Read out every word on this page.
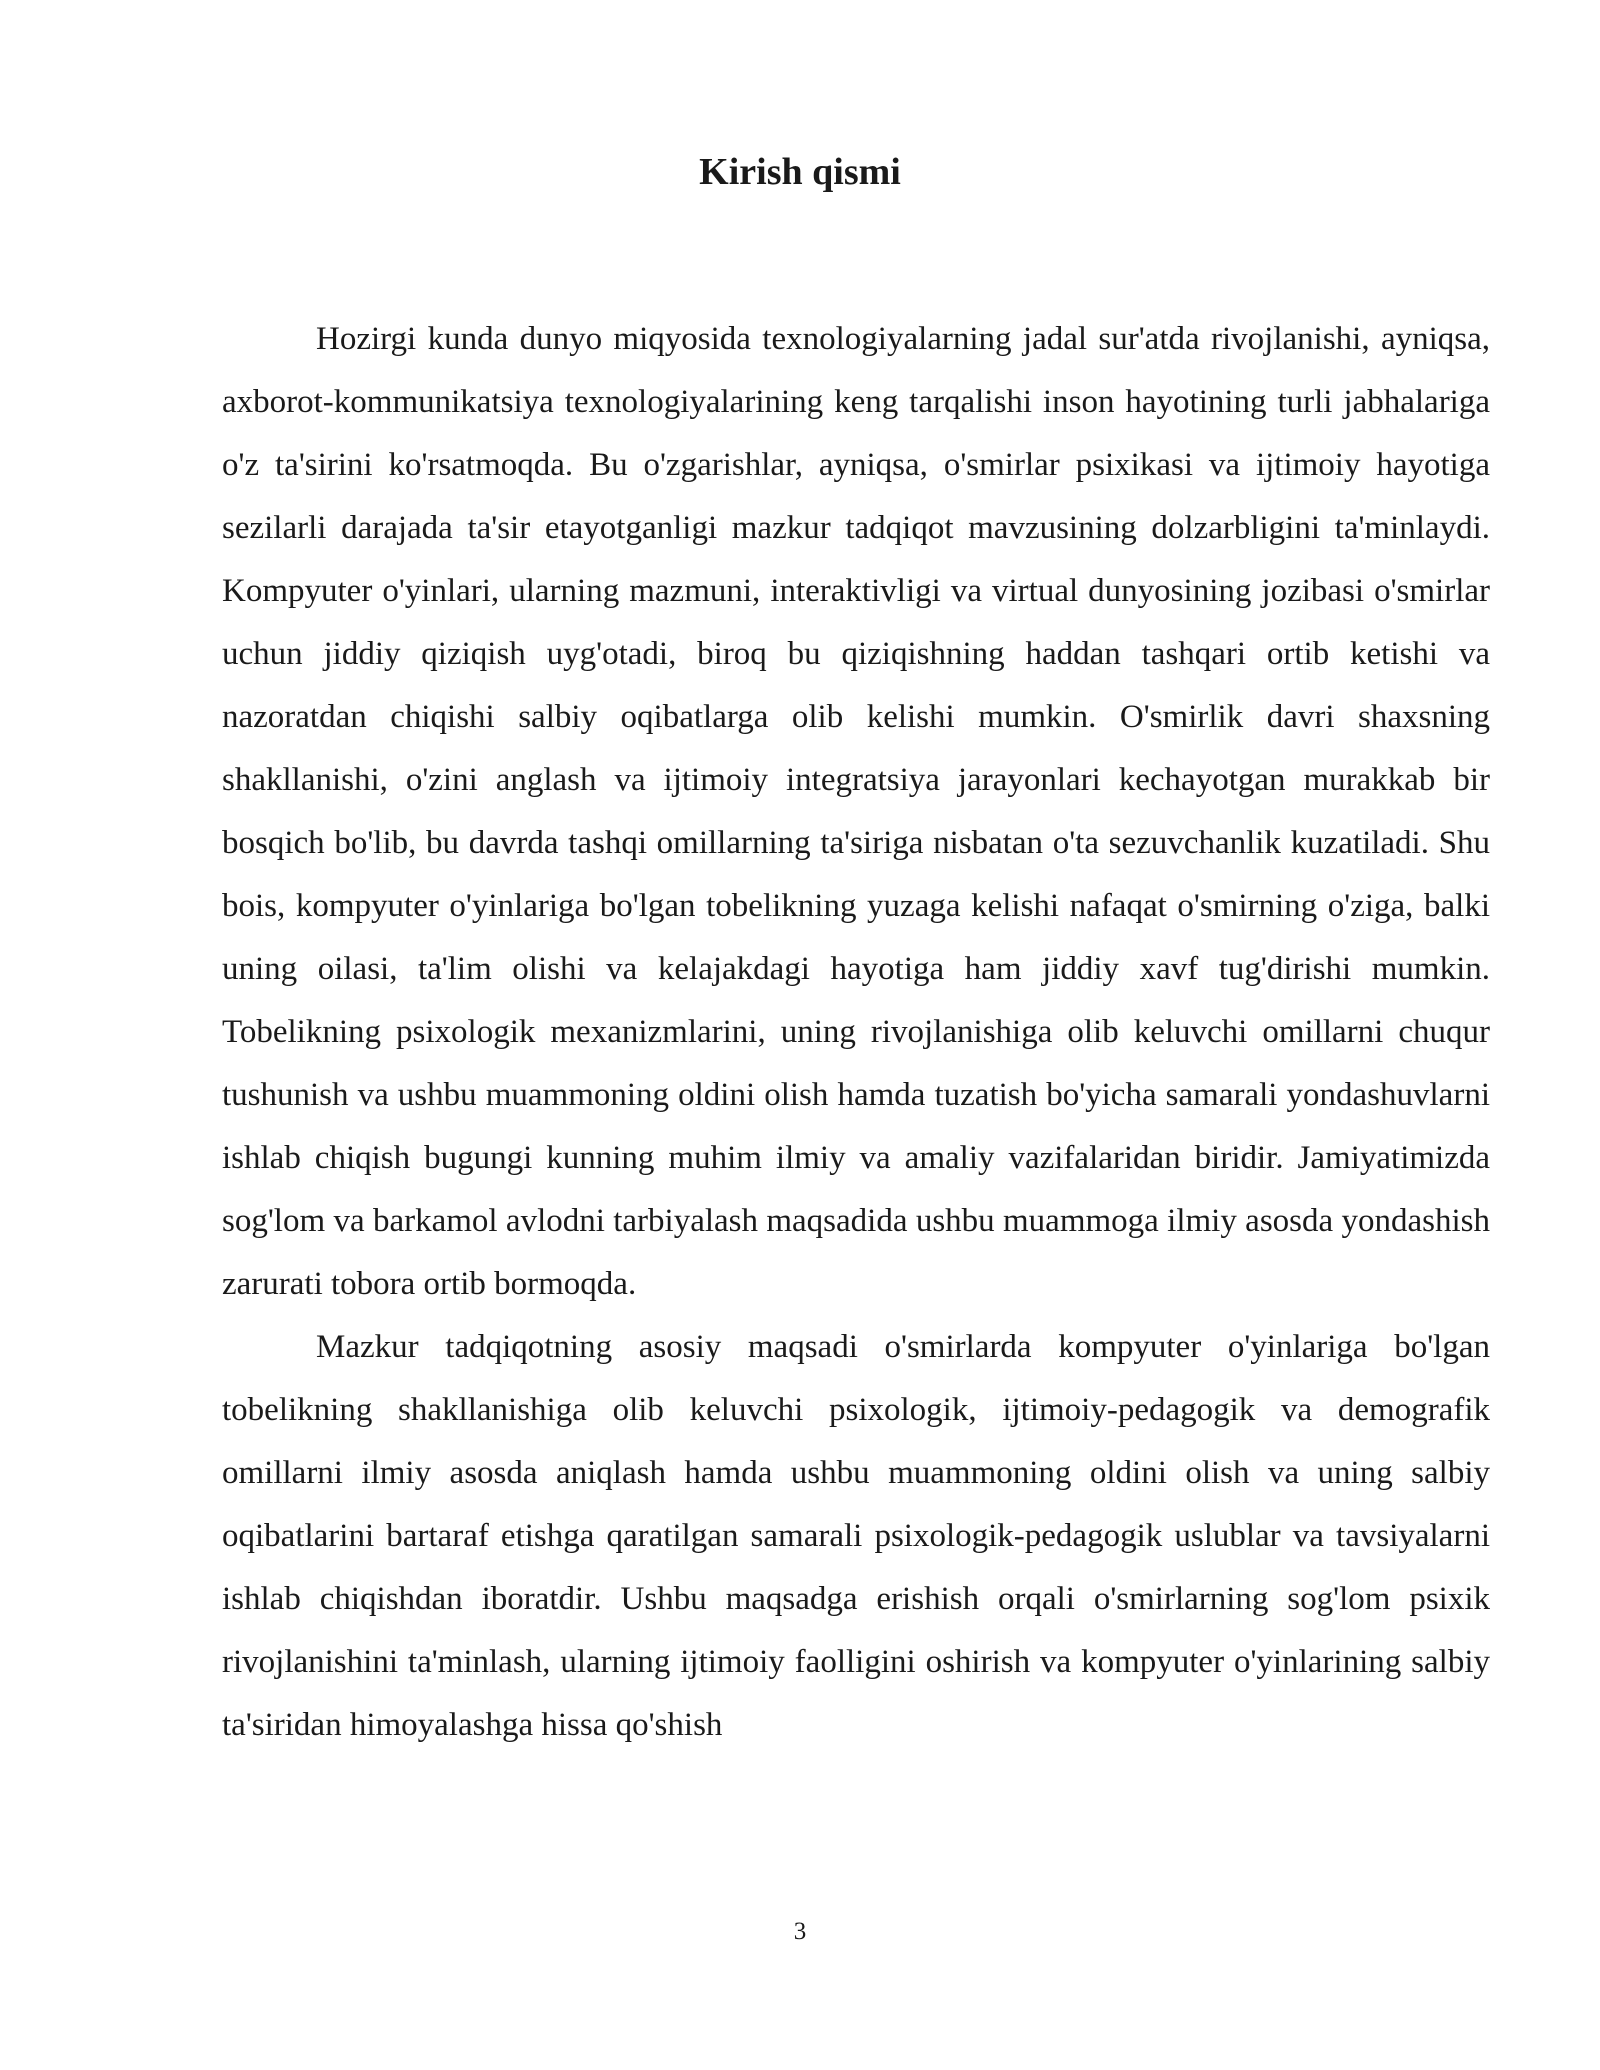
Kirish qismi

Hozirgi kunda dunyo miqyosida texnologiyalarning jadal sur'atda rivojlanishi, ayniqsa, axborot-kommunikatsiya texnologiyalarining keng tarqalishi inson hayotining turli jabhalariga o'z ta'sirini ko'rsatmoqda. Bu o'zgarishlar, ayniqsa, o'smirlar psixikasi va ijtimoiy hayotiga sezilarli darajada ta'sir etayotganligi mazkur tadqiqot mavzusining dolzarbligini ta'minlaydi. Kompyuter o'yinlari, ularning mazmuni, interaktivligi va virtual dunyosining jozibasi o'smirlar uchun jiddiy qiziqish uyg'otadi, biroq bu qiziqishning haddan tashqari ortib ketishi va nazoratdan chiqishi salbiy oqibatlarga olib kelishi mumkin. O'smirlik davri shaxsning shakllanishi, o'zini anglash va ijtimoiy integratsiya jarayonlari kechayotgan murakkab bir bosqich bo'lib, bu davrda tashqi omillarning ta'siriga nisbatan o'ta sezuvchanlik kuzatiladi. Shu bois, kompyuter o'yinlariga bo'lgan tobelikning yuzaga kelishi nafaqat o'smirning o'ziga, balki uning oilasi, ta'lim olishi va kelajakdagi hayotiga ham jiddiy xavf tug'dirishi mumkin. Tobelikning psixologik mexanizmlarini, uning rivojlanishiga olib keluvchi omillarni chuqur tushunish va ushbu muammoning oldini olish hamda tuzatish bo'yicha samarali yondashuvlarni ishlab chiqish bugungi kunning muhim ilmiy va amaliy vazifalaridan biridir. Jamiyatimizda sog'lom va barkamol avlodni tarbiyalash maqsadida ushbu muammoga ilmiy asosda yondashish zarurati tobora ortib bormoqda.

Mazkur tadqiqotning asosiy maqsadi o'smirlarda kompyuter o'yinlariga bo'lgan tobelikning shakllanishiga olib keluvchi psixologik, ijtimoiy-pedagogik va demografik omillarni ilmiy asosda aniqlash hamda ushbu muammoning oldini olish va uning salbiy oqibatlarini bartaraf etishga qaratilgan samarali psixologik-pedagogik uslublar va tavsiyalarni ishlab chiqishdan iboratdir. Ushbu maqsadga erishish orqali o'smirlarning sog'lom psixik rivojlanishini ta'minlash, ularning ijtimoiy faolligini oshirish va kompyuter o'yinlarining salbiy ta'siridan himoyalashga hissa qo'shish

3
